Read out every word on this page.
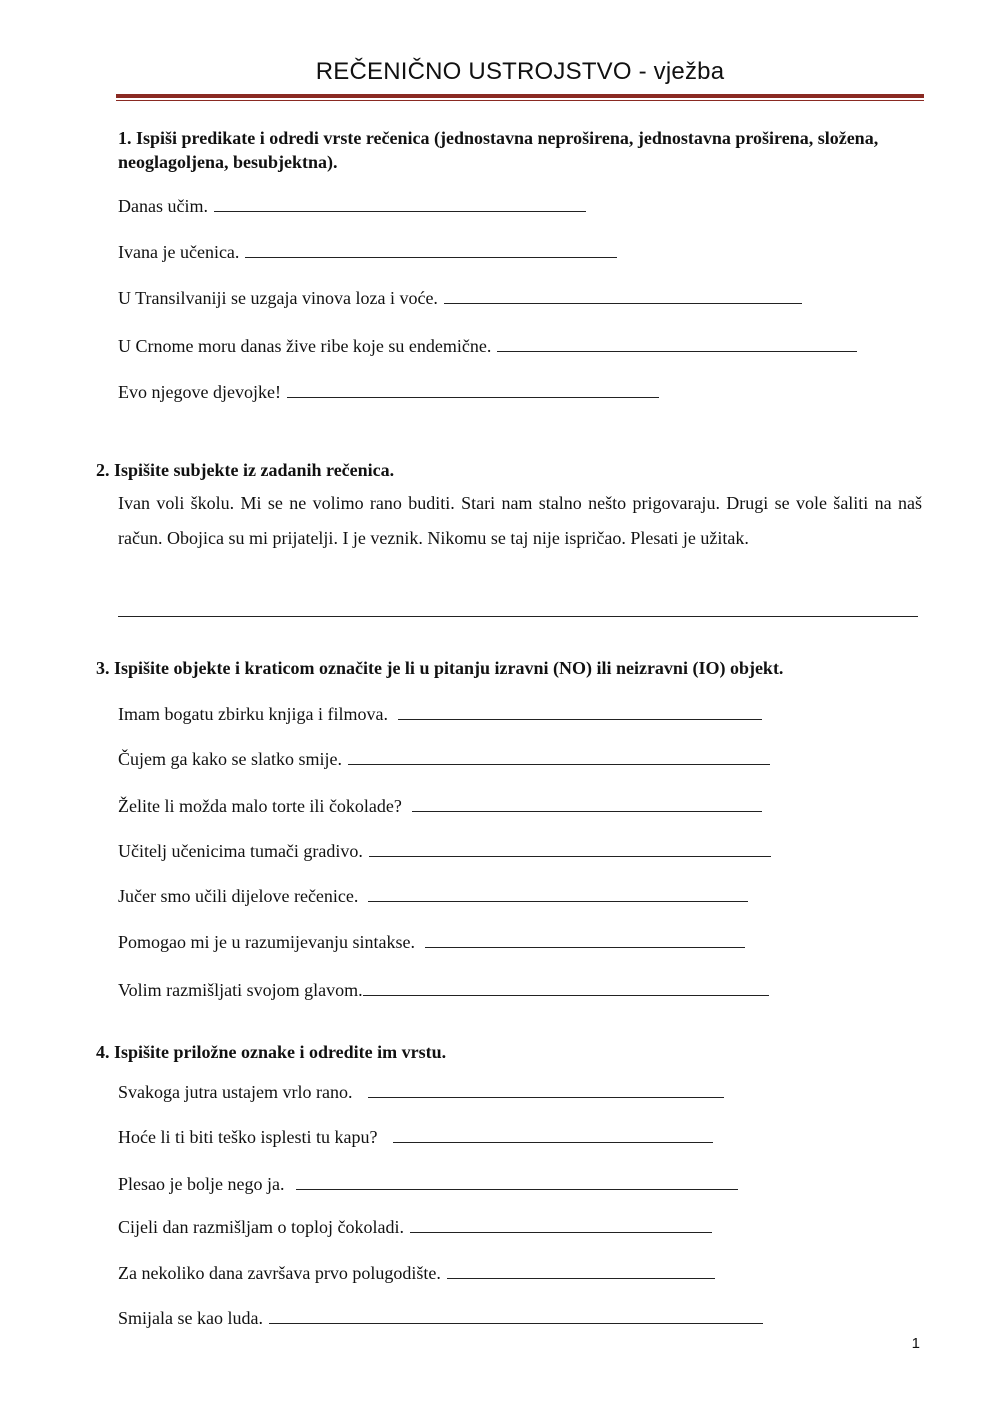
REČENIČNO USTROJSTVO - vježba
1. Ispiši predikate i odredi vrste rečenica (jednostavna neproširena, jednostavna proširena, složena, neoglagoljena, besubjektna).
Danas učim.
Ivana je učenica.
U Transilvaniji se uzgaja vinova loza i voće.
U Crnome moru danas žive ribe koje su endemične.
Evo njegove djevojke!
2. Ispišite subjekte iz zadanih rečenica.
Ivan voli školu. Mi se ne volimo rano buditi. Stari nam stalno nešto prigovaraju. Drugi se vole šaliti na naš račun. Obojica su mi prijatelji. I je veznik. Nikomu se taj nije ispričao. Plesati je užitak.
3. Ispišite objekte i kraticom označite je li u pitanju izravni (NO) ili neizravni (IO) objekt.
Imam bogatu zbirku knjiga i filmova.
Čujem ga kako se slatko smije.
Želite li možda malo torte ili čokolade?
Učitelj učenicima tumači gradivo.
Jučer smo učili dijelove rečenice.
Pomogao mi je u razumijevanju sintakse.
Volim razmišljati svojom glavom.
4. Ispišite priložne oznake i odredite im vrstu.
Svakoga jutra ustajem vrlo rano.
Hoće li ti biti teško isplesti tu kapu?
Plesao je bolje nego ja.
Cijeli dan razmišljam o toploj čokoladi.
Za nekoliko dana završava prvo polugodište.
Smijala se kao luda.
1
